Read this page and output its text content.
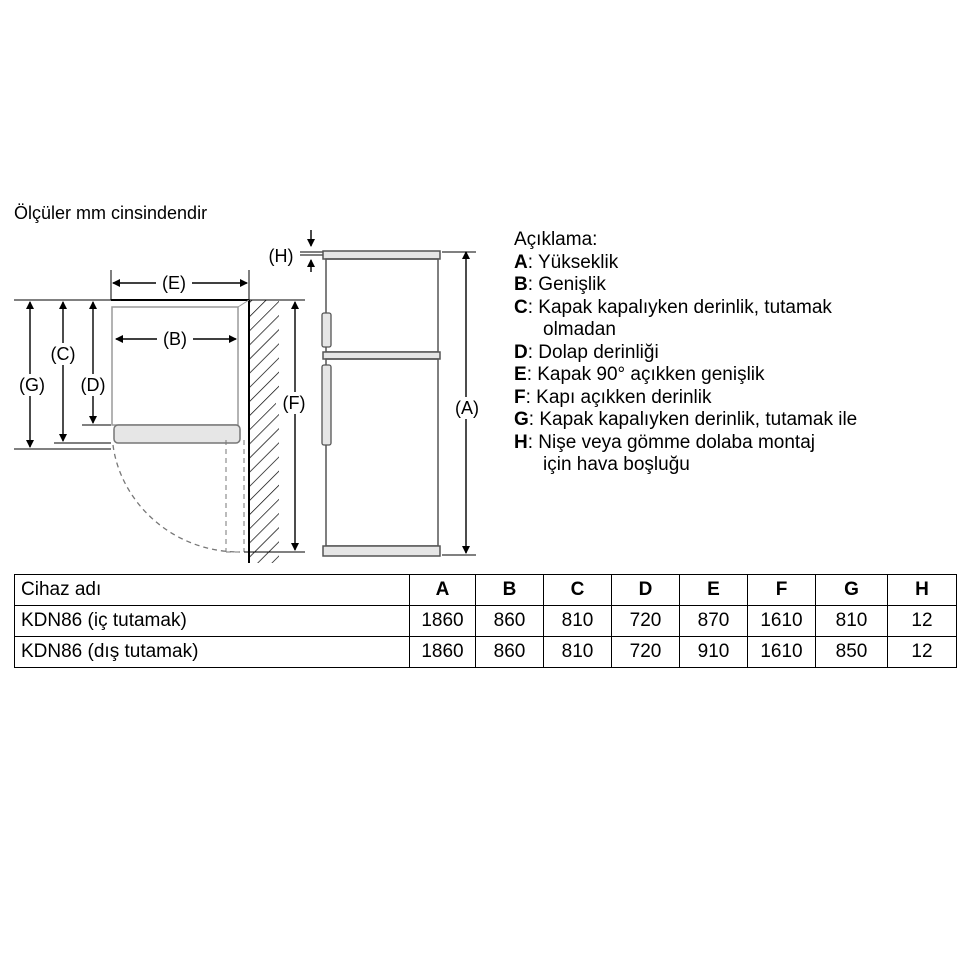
Ölçüler mm cinsindendir
(E)
(B)
(G)
(C)
(D)
(F)	(A)
(H)
Açıklama:
A : Yükseklik
B : Genişlik
C : Kapak kapalıyken derinlik, tutamak
olmadan
D : Dolap derinliği
E : Kapak 90° açıkken genişlik
F : Kapı açıkken derinlik
G : Kapak kapalıyken derinlik, tutamak ile
H : Nişe veya gömme dolaba montaj
için hava boşluğu
Cihaz adı	A	B	C	D	E	F	G	H
KDN86 (iç tutamak)	1860	860	810	720	870	1610	810	12
KDN86 (dış tutamak)	1860	860	810	720	910	1610	850	12
